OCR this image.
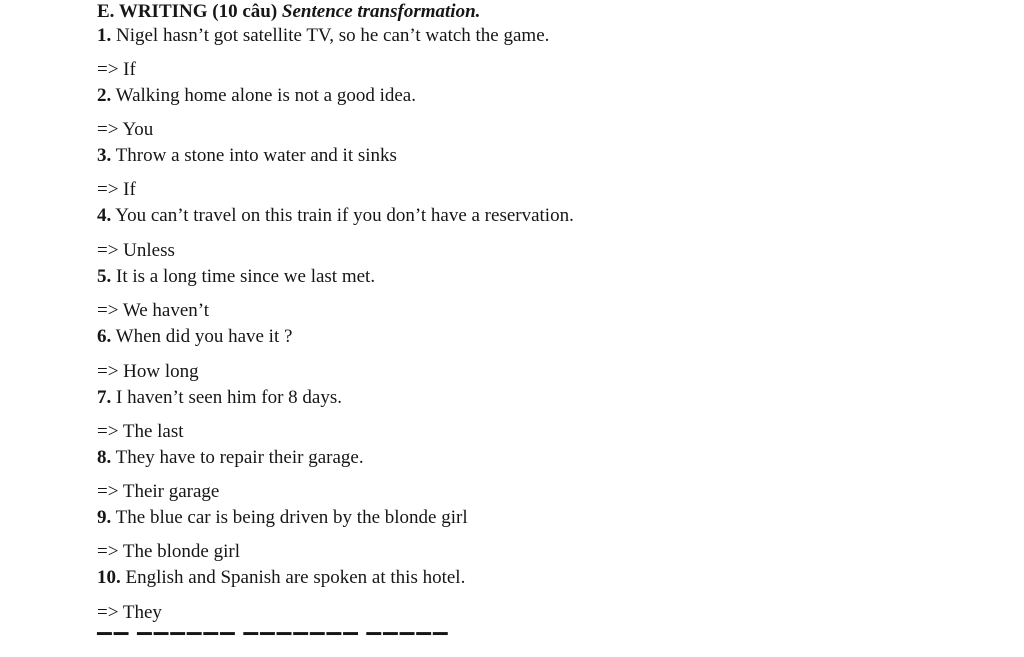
E. WRITING (10 câu) Sentence transformation.
1. Nigel hasn’t got satellite TV, so he can’t watch the game.
=> If
2. Walking home alone is not a good idea.
=> You
3. Throw a stone into water and it sinks
=> If
4. You can’t travel on this train if you don’t have a reservation.
=> Unless
5. It is a long time since we last met.
=> We haven’t
6. When did you have it ?
=> How long
7. I haven’t seen him for 8 days.
=> The last
8. They have to repair their garage.
=> Their garage
9. The blue car is being driven by the blonde girl
=> The blonde girl
10. English and Spanish are spoken at this hotel.
=> They
▔▔ ▔▔▔▔▔▔ ▔▔▔▔▔▔▔ ▔▔▔▔▔
